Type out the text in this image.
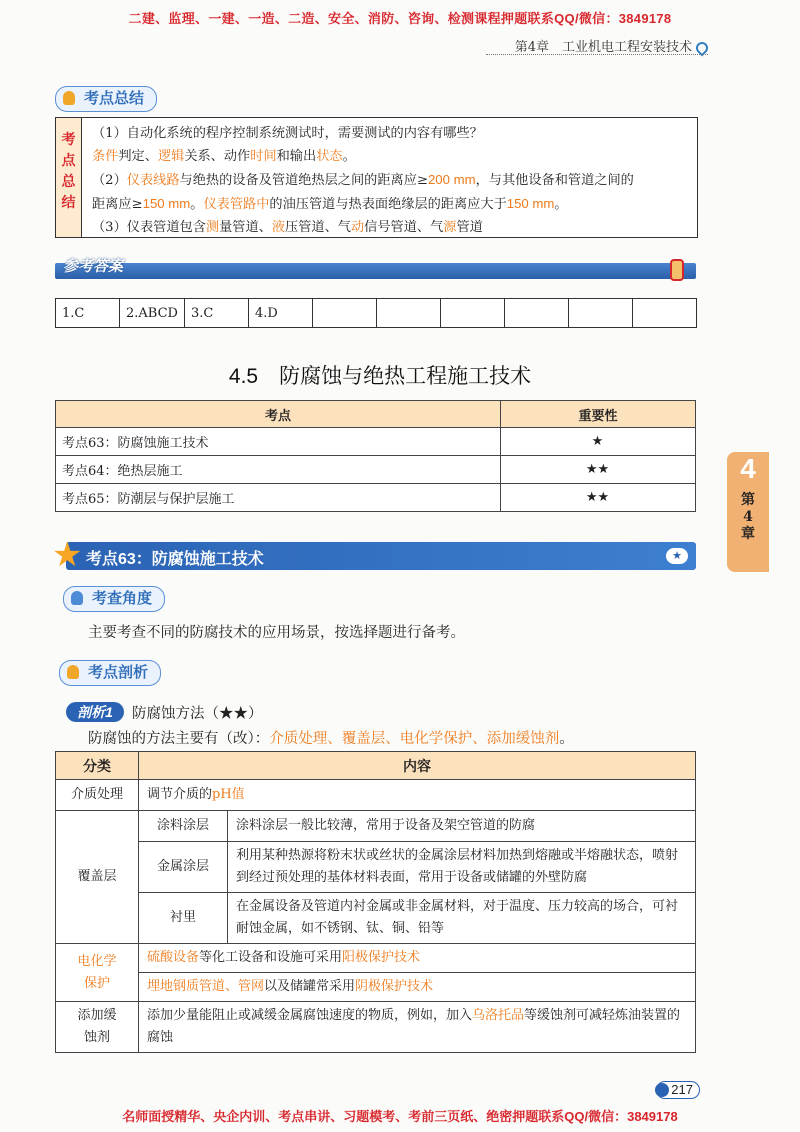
二建、监理、一建、一造、二造、安全、消防、咨询、检测课程押题联系QQ/微信：3849178
第4章　工业机电工程安装技术
考点总结
考点总结
（1）自动化系统的程序控制系统测试时，需要测试的内容有哪些？
条件判定、逻辑关系、动作时间和输出状态。
（2）仪表线路与绝热的设备及管道绝热层之间的距离应≥200 mm，与其他设备和管道之间的
距离应≥150 mm。仪表管路中的油压管道与热表面绝缘层的距离应大于150 mm。
（3）仪表管道包含测量管道、液压管道、气动信号管道、气源管道
参考答案
1.C	2.ABCD	3.C	4.D						
4.5　防腐蚀与绝热工程施工技术
考点	重要性
考点63：防腐蚀施工技术	★
考点64：绝热层施工	★★
考点65：防潮层与保护层施工	★★
4
第4章
考点63：防腐蚀施工技术	★
★
考查角度
主要考查不同的防腐技术的应用场景，按选择题进行备考。
考点剖析
剖析1	防腐蚀方法（★★）
防腐蚀的方法主要有（改）：介质处理、覆盖层、电化学保护、添加缓蚀剂。
分类	内容	
介质处理	调节介质的pH值	
覆盖层	涂料涂层	涂料涂层一般比较薄，常用于设备及架空管道的防腐
	金属涂层	利用某种热源将粉末状或丝状的金属涂层材料加热到熔融或半熔融状态，喷射到经过预处理的基体材料表面，常用于设备或储罐的外壁防腐
	衬里	在金属设备及管道内衬金属或非金属材料，对于温度、压力较高的场合，可衬耐蚀金属，如不锈钢、钛、铜、铅等
电化学保护	硫酸设备等化工设备和设施可采用阳极保护技术	
	埋地钢质管道、管网以及储罐常采用阴极保护技术	
添加缓蚀剂	添加少量能阻止或减缓金属腐蚀速度的物质，例如，加入乌洛托品等缓蚀剂可减轻炼油装置的腐蚀	
217
名师面授精华、央企内训、考点串讲、习题模考、考前三页纸、绝密押题联系QQ/微信：3849178
